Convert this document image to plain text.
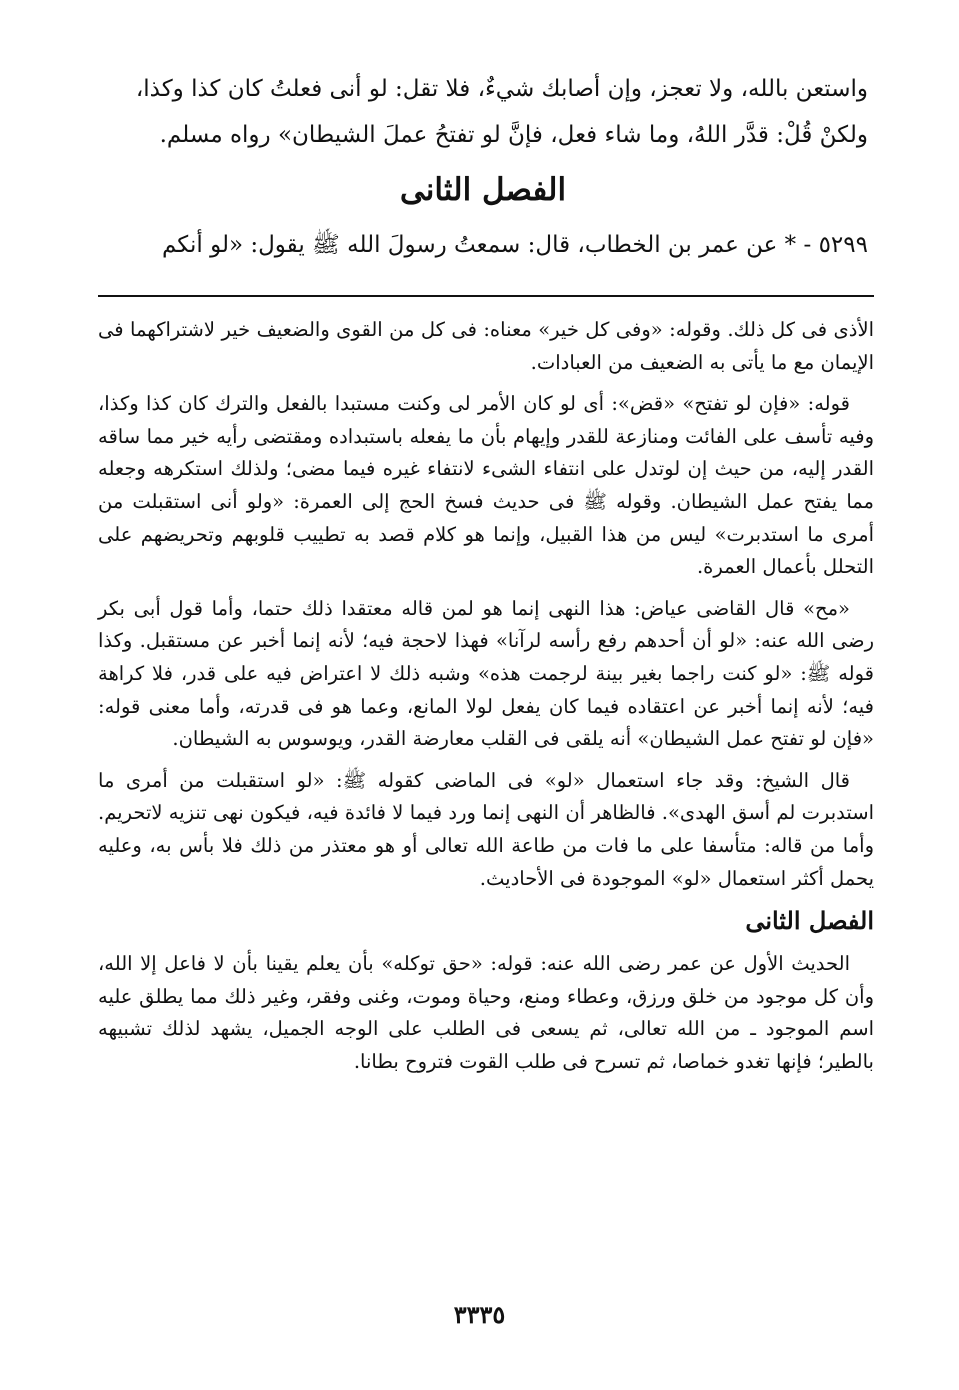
واستعن بالله، ولا تعجز، وإن أصابك شيءٌ، فلا تقل: لو أنى فعلتُ كان كذا وكذا،

ولكنْ قُلْ: قدَّر اللهُ، وما شاء فعل، فإنَّ لو تفتحُ عملَ الشيطان» رواه مسلم.

الفصل الثانى

٥٢٩٩ - * عن عمر بن الخطاب، قال: سمعتُ رسولَ الله ﷺ يقول: «لو أنكم

الأذى فى كل ذلك. وقوله: «وفى كل خير» معناه: فى كل من القوى والضعيف خير لاشتراكهما فى الإيمان مع ما يأتى به الضعيف من العبادات.

قوله: «فإن لو تفتح» «قض»: أى لو كان الأمر لى وكنت مستبدا بالفعل والترك كان كذا وكذا، وفيه تأسف على الفائت ومنازعة للقدر وإيهام بأن ما يفعله باستبداده ومقتضى رأيه خير مما ساقه القدر إليه، من حيث إن لوتدل على انتفاء الشىء لانتفاء غيره فيما مضى؛ ولذلك استكرهه وجعله مما يفتح عمل الشيطان. وقوله ﷺ فى حديث فسخ الحج إلى العمرة: «ولو أنى استقبلت من أمرى ما استدبرت» ليس من هذا القبيل، وإنما هو كلام قصد به تطييب قلوبهم وتحريضهم على التحلل بأعمال العمرة.

«مح» قال القاضى عياض: هذا النهى إنما هو لمن قاله معتقدا ذلك حتما، وأما قول أبى بكر رضى الله عنه: «لو أن أحدهم رفع رأسه لرآنا» فهذا لاحجة فيه؛ لأنه إنما أخبر عن مستقبل. وكذا قوله ﷺ: «لو كنت راجما بغير بينة لرجمت هذه» وشبه ذلك لا اعتراض فيه على قدر، فلا كراهة فيه؛ لأنه إنما أخبر عن اعتقاده فيما كان يفعل لولا المانع، وعما هو فى قدرته، وأما معنى قوله: «فإن لو تفتح عمل الشيطان» أنه يلقى فى القلب معارضة القدر، ويوسوس به الشيطان.

قال الشيخ: وقد جاء استعمال «لو» فى الماضى كقوله ﷺ: «لو استقبلت من أمرى ما استدبرت لم أسق الهدى». فالظاهر أن النهى إنما ورد فيما لا فائدة فيه، فيكون نهى تنزيه لاتحريم. وأما من قاله: متأسفا على ما فات من طاعة الله تعالى أو هو معتذر من ذلك فلا بأس به، وعليه يحمل أكثر استعمال «لو» الموجودة فى الأحاديث.

الفصل الثانى

الحديث الأول عن عمر رضى الله عنه: قوله: «حق توكله» بأن يعلم يقينا بأن لا فاعل إلا الله، وأن كل موجود من خلق ورزق، وعطاء ومنع، وحياة وموت، وغنى وفقر، وغير ذلك مما يطلق عليه اسم الموجود ـ من الله تعالى، ثم يسعى فى الطلب على الوجه الجميل، يشهد لذلك تشبيهه بالطير؛ فإنها تغدو خماصا، ثم تسرح فى طلب القوت فتروح بطانا.

٣٣٣٥
